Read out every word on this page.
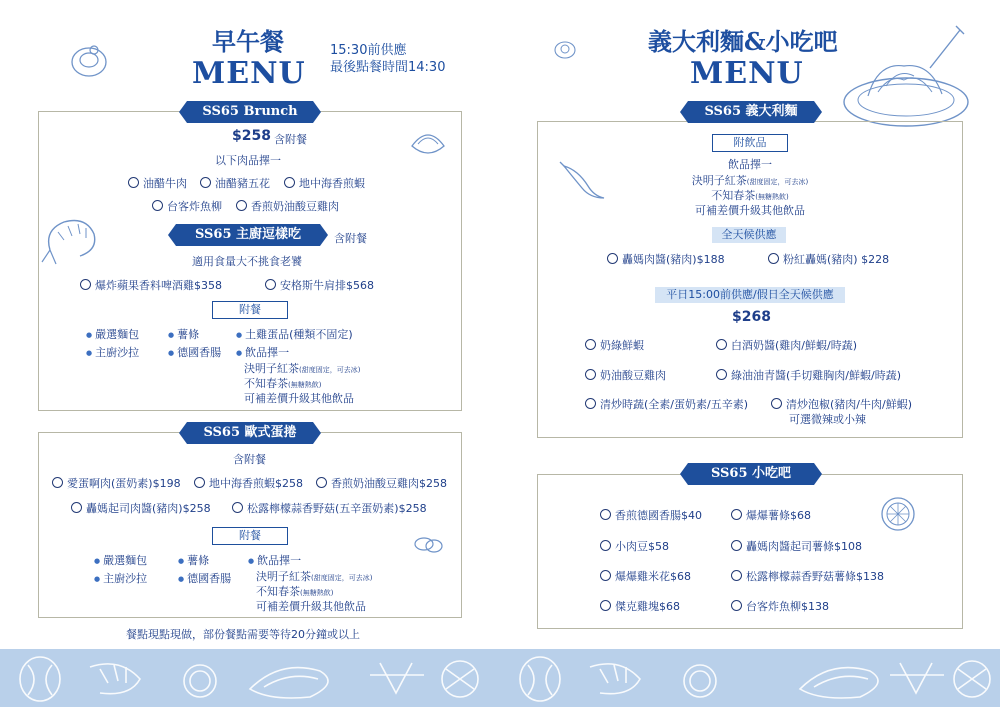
早午餐
MENU
15:30前供應
最後點餐時間14:30
SS65 Brunch
$258 含附餐
以下肉品擇一
油醋牛肉	油醋豬五花	地中海香煎蝦
台客炸魚柳	香煎奶油酸豆雞肉
SS65 主廚逗樣吃	含附餐
適用食量大不挑食老饕
爆炸蘋果香料啤酒雞$358	安格斯牛肩排$568
附餐
● 嚴選麵包
● 主廚沙拉
● 薯條
● 德國香腸
● 土雞蛋品(種類不固定)
● 飲品擇一
決明子紅茶(甜度固定，可去冰)
不知春茶(無糖熱飲)
可補差價升級其他飲品
SS65 歐式蛋捲
含附餐
愛蛋啊肉(蛋奶素)$198	地中海香煎蝦$258	香煎奶油酸豆雞肉$258
轟媽起司肉醬(豬肉)$258	松露檸檬蒜香野菇(五辛蛋奶素)$258
附餐
● 嚴選麵包
● 主廚沙拉
● 薯條
● 德國香腸
● 飲品擇一
決明子紅茶(甜度固定，可去冰)
不知春茶(無糖熱飲)
可補差價升級其他飲品
餐點現點現做，部份餐點需要等待20分鐘或以上
義大利麵&小吃吧
MENU
SS65 義大利麵
附飲品
飲品擇一
決明子紅茶(甜度固定，可去冰)
不知春茶(無糖熱飲)
可補差價升級其他飲品
全天候供應
轟媽肉醬(豬肉)$188	粉紅轟媽(豬肉) $228
平日15:00前供應/假日全天候供應
$268
奶綠鮮蝦	白酒奶醬(雞肉/鮮蝦/時蔬)
奶油酸豆雞肉	綠油油青醬(手切雞胸肉/鮮蝦/時蔬)
清炒時蔬(全素/蛋奶素/五辛素)	清炒泡椒(豬肉/牛肉/鮮蝦)
可選微辣或小辣
SS65 小吃吧
香煎德國香腸$40
小肉豆$58
爆爆雞米花$68
傑克雞塊$68
爆爆薯條$68
轟媽肉醬起司薯條$108
松露檸檬蒜香野菇薯條$138
台客炸魚柳$138
